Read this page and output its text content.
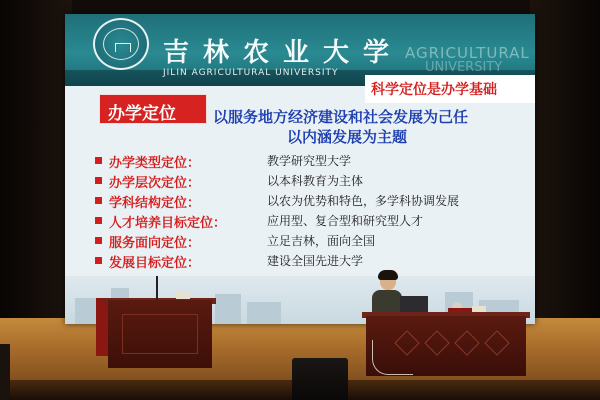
吉林农业大学
JILIN AGRICULTURAL UNIVERSITY
AGRICULTURAL
UNIVERSITY
科学定位是办学基础
办学定位 以服务地方经济建设和社会发展为己任
以内涵发展为主题
办学类型定位：	教学研究型大学
办学层次定位：	以本科教育为主体
学科结构定位：	以农为优势和特色，多学科协调发展
人才培养目标定位：	应用型、复合型和研究型人才
服务面向定位：	立足吉林，面向全国
发展目标定位：	建设全国先进大学
